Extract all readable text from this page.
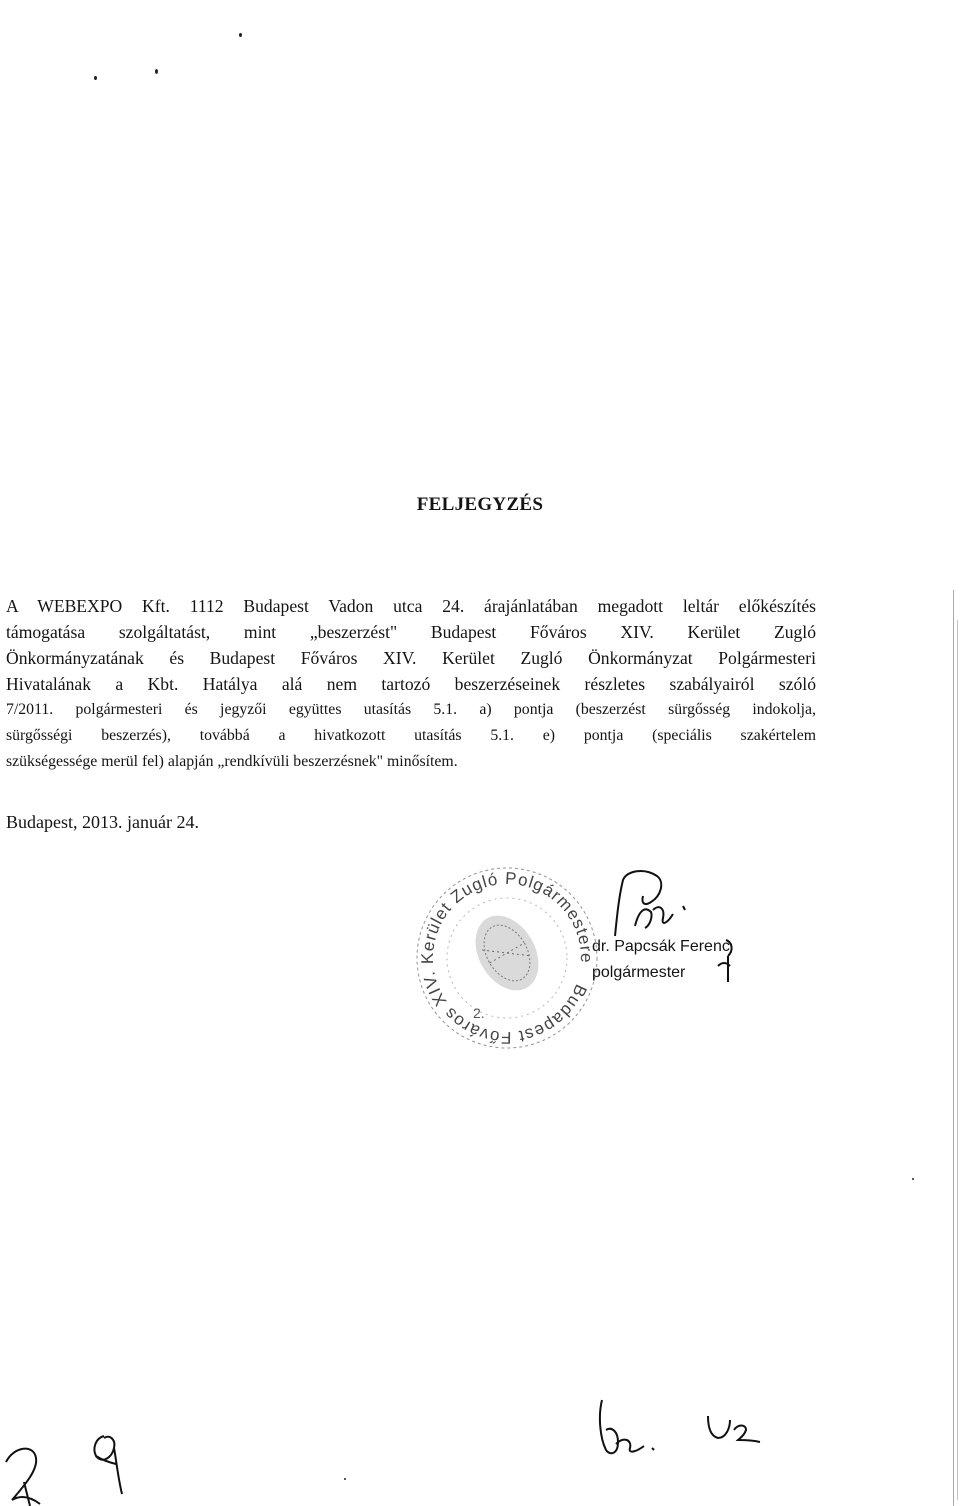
FELJEGYZÉS
A WEBEXPO Kft. 1112 Budapest Vadon utca 24. árajánlatában megadott leltár előkészítés
támogatása szolgáltatást, mint „beszerzést" Budapest Főváros XIV. Kerület Zugló
Önkormányzatának és Budapest Főváros XIV. Kerület Zugló Önkormányzat Polgármesteri
Hivatalának a Kbt. Hatálya alá nem tartozó beszerzéseinek részletes szabályairól szóló
7/2011. polgármesteri és jegyzői együttes utasítás 5.1. a) pontja (beszerzést sürgősség indokolja,
sürgősségi beszerzés), továbbá a hivatkozott utasítás 5.1. e) pontja (speciális szakértelem
szükségessége merül fel) alapján „rendkívüli beszerzésnek" minősítem.
Budapest, 2013. január 24.
Budapest Főváros XIV. Kerület Zugló Polgármestere
2.
dr. Papcsák Ferenc
polgármester
